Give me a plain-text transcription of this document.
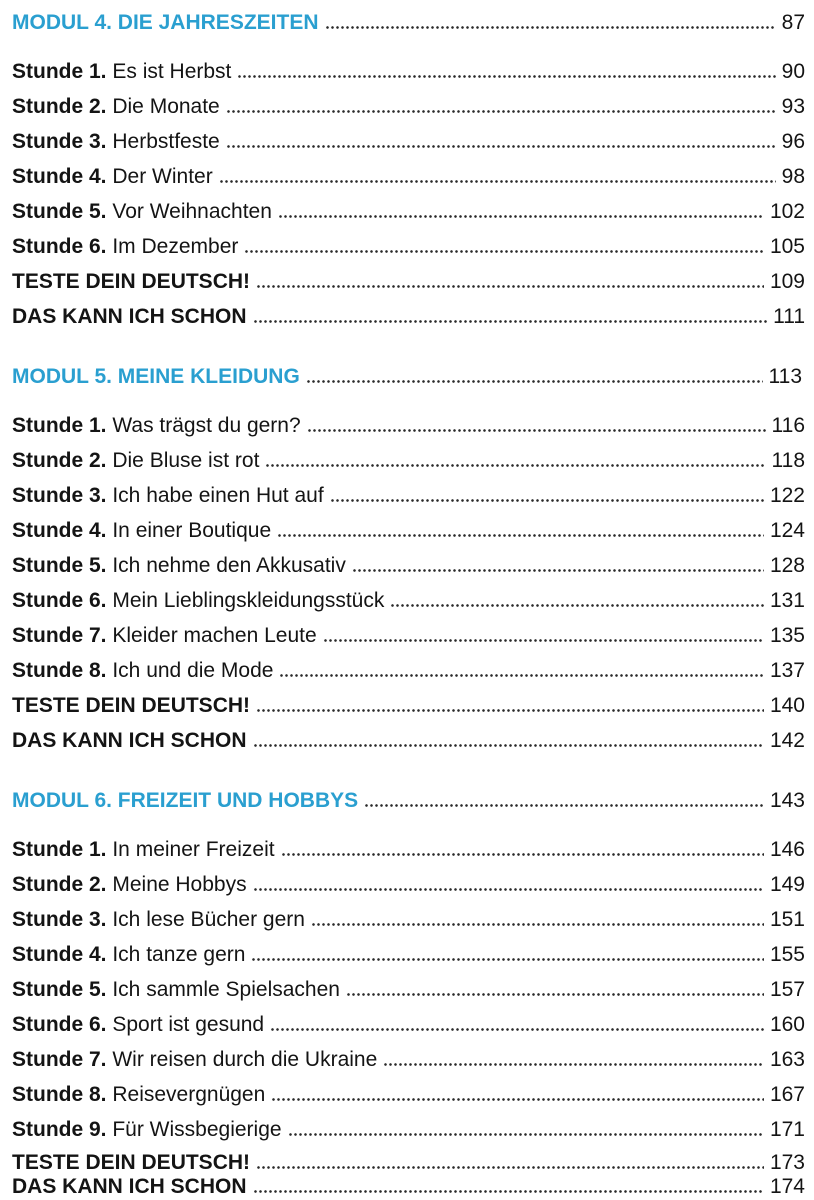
MODUL 4. DIE JAHRESZEITEN	87
Stunde 1. Es ist Herbst	90
Stunde 2. Die Monate	93
Stunde 3. Herbstfeste	96
Stunde 4. Der Winter	98
Stunde 5. Vor Weihnachten	102
Stunde 6. Im Dezember	105
TESTE DEIN DEUTSCH!	109
DAS KANN ICH SCHON	111
MODUL 5. MEINE KLEIDUNG	113
Stunde 1. Was trägst du gern?	116
Stunde 2. Die Bluse ist rot	118
Stunde 3. Ich habe einen Hut auf	122
Stunde 4. In einer Boutique	124
Stunde 5. Ich nehme den Akkusativ	128
Stunde 6. Mein Lieblingskleidungsstück	131
Stunde 7. Kleider machen Leute	135
Stunde 8. Ich und die Mode	137
TESTE DEIN DEUTSCH!	140
DAS KANN ICH SCHON	142
MODUL 6. FREIZEIT UND HOBBYS	143
Stunde 1. In meiner Freizeit	146
Stunde 2. Meine Hobbys	149
Stunde 3. Ich lese Bücher gern	151
Stunde 4. Ich tanze gern	155
Stunde 5. Ich sammle Spielsachen	157
Stunde 6. Sport ist gesund	160
Stunde 7. Wir reisen durch die Ukraine	163
Stunde 8. Reisevergnügen	167
Stunde 9. Für Wissbegierige	171
TESTE DEIN DEUTSCH!	173
DAS KANN ICH SCHON	174
